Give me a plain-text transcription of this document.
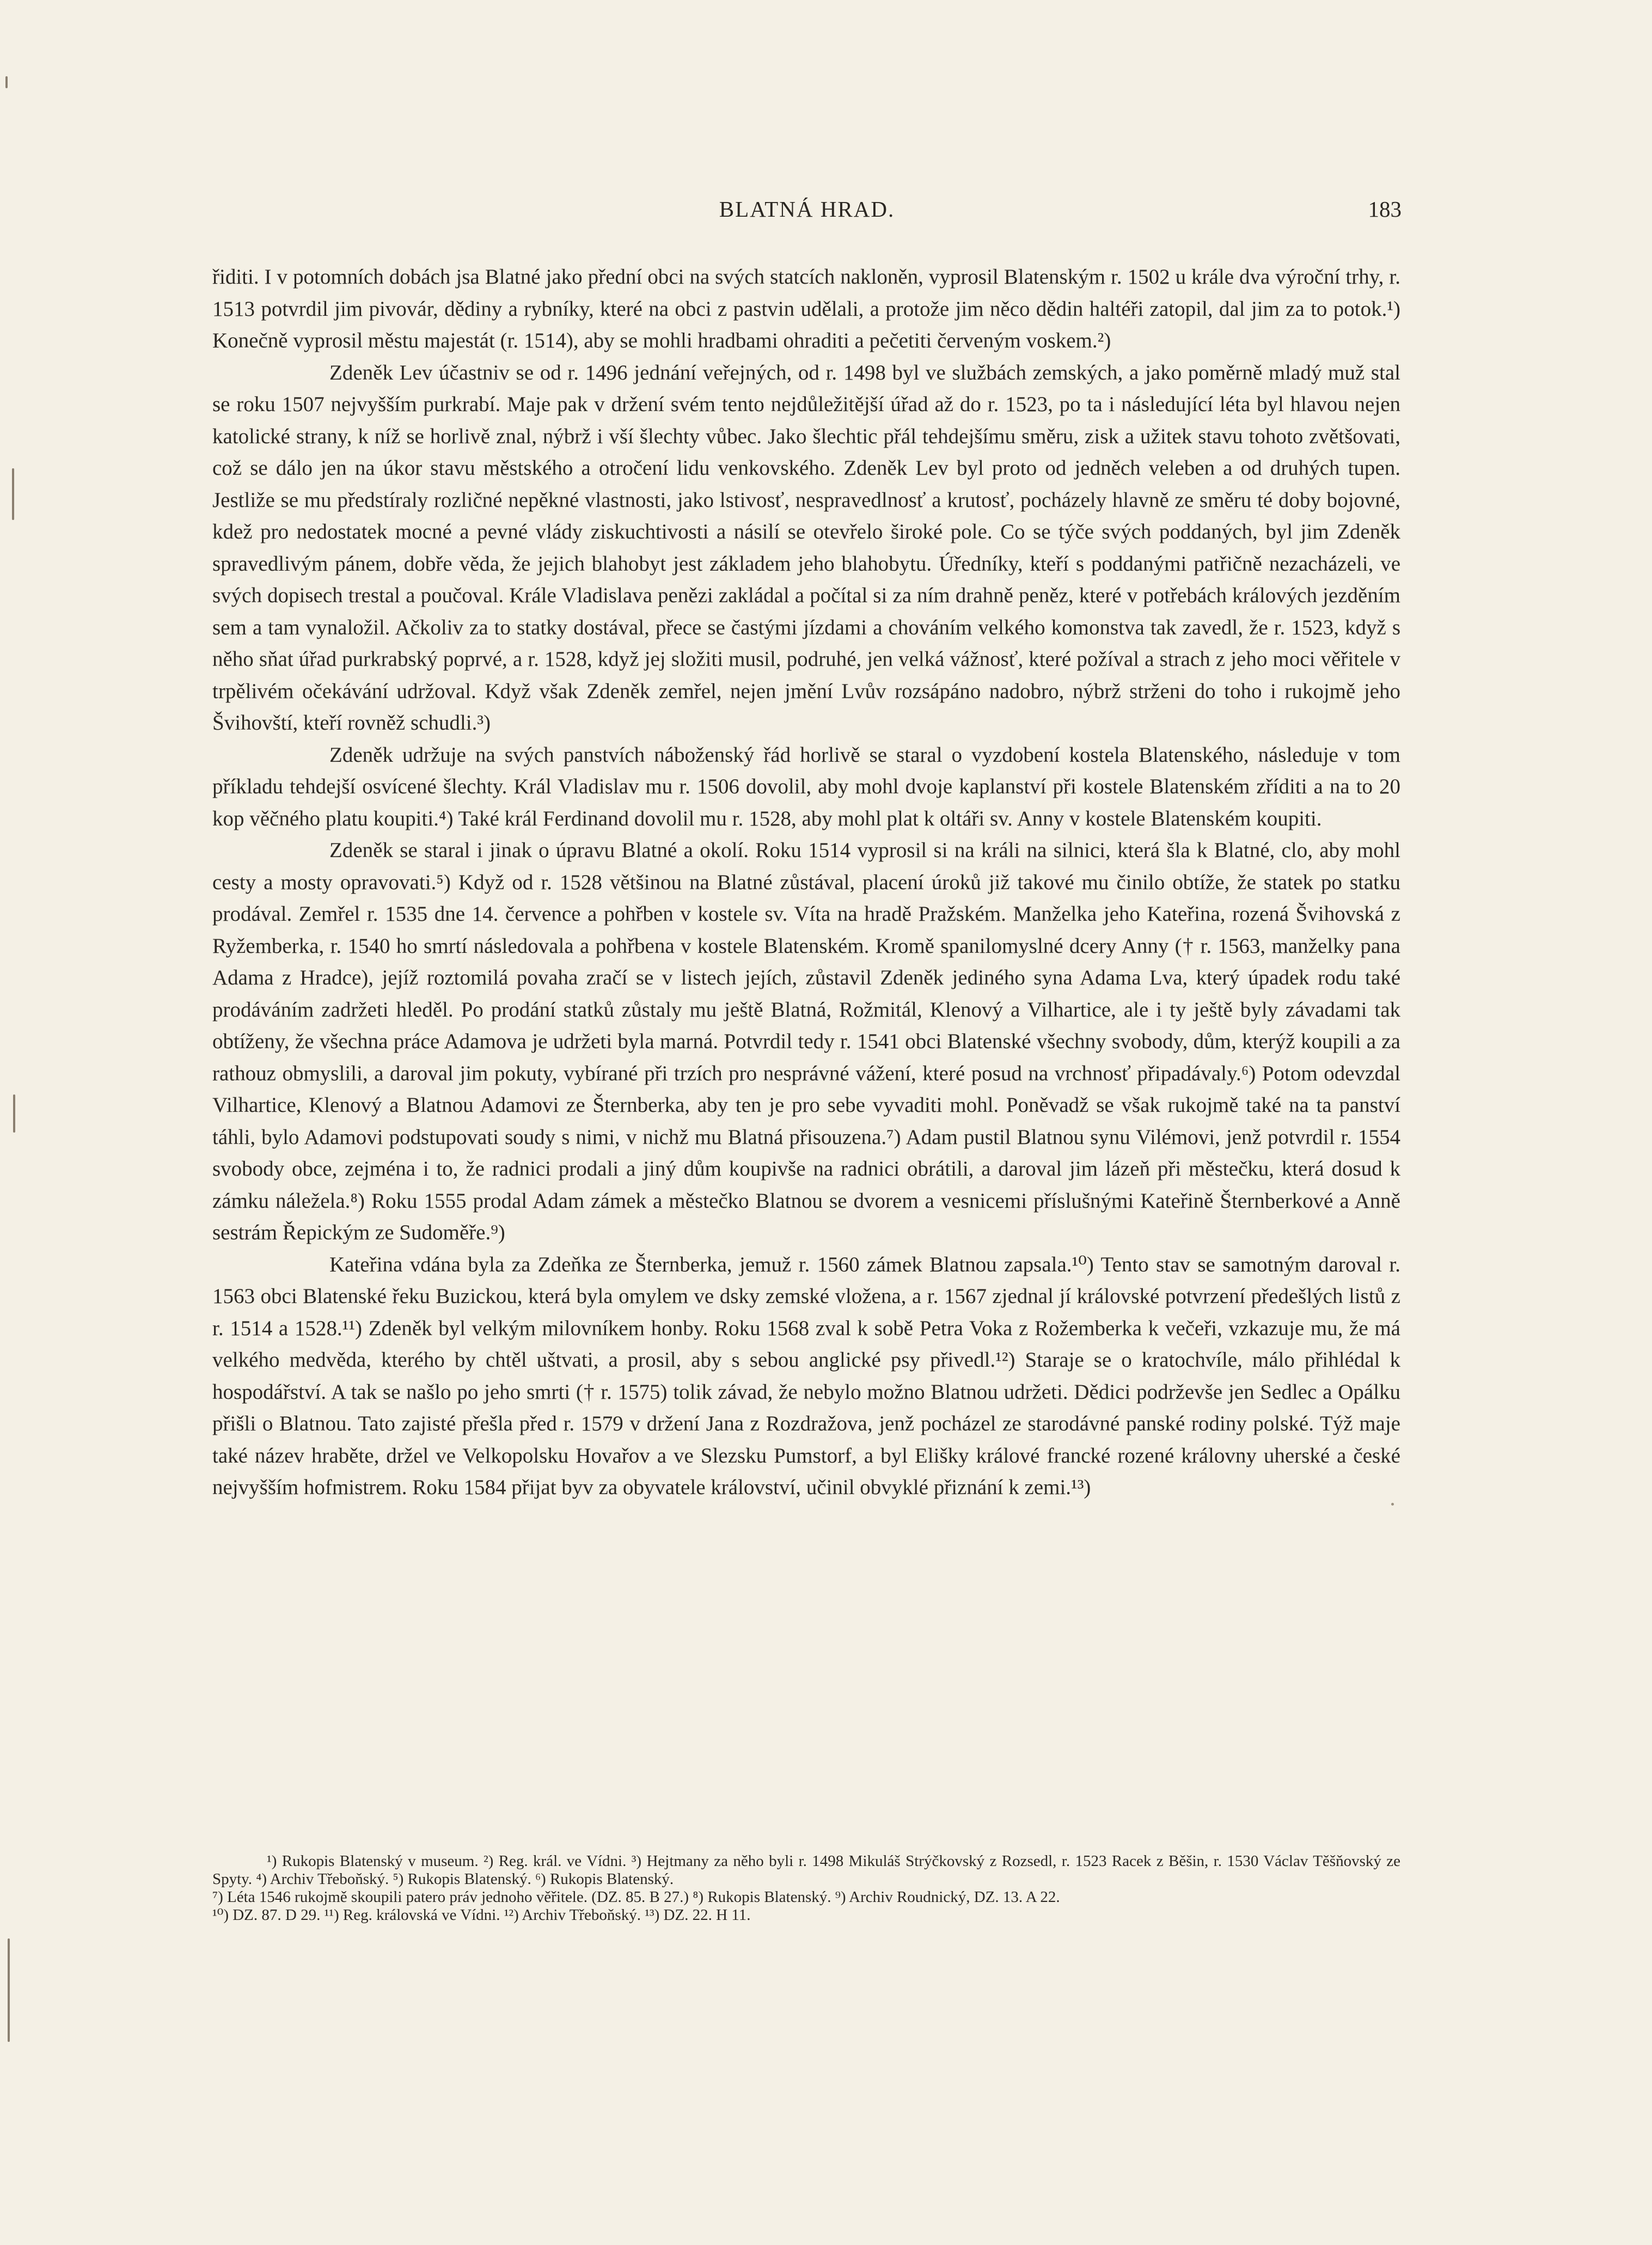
BLATNÁ HRAD.	183

řiditi. I v potomních dobách jsa Blatné jako přední obci na svých statcích nakloněn, vyprosil Blatenským r. 1502 u krále dva výroční trhy, r. 1513 potvrdil jim pivovár, dědiny a rybníky, které na obci z pastvin udělali, a protože jim něco dědin haltéři zatopil, dal jim za to potok.¹) Konečně vyprosil městu majestát (r. 1514), aby se mohli hradbami ohraditi a pečetiti červeným voskem.²)

Zdeněk Lev účastniv se od r. 1496 jednání veřejných, od r. 1498 byl ve službách zemských, a jako poměrně mladý muž stal se roku 1507 nejvyšším purkrabí. Maje pak v držení svém tento nejdůležitější úřad až do r. 1523, po ta i následující léta byl hlavou nejen katolické strany, k níž se horlivě znal, nýbrž i vší šlechty vůbec. Jako šlechtic přál tehdejšímu směru, zisk a užitek stavu tohoto zvětšovati, což se dálo jen na úkor stavu městského a otročení lidu venkovského. Zdeněk Lev byl proto od jedněch veleben a od druhých tupen. Jestliže se mu předstíraly rozličné nepěkné vlastnosti, jako lstivosť, nespravedlnosť a krutosť, pocházely hlavně ze směru té doby bojovné, kdež pro nedostatek mocné a pevné vlády ziskuchtivosti a násilí se otevřelo široké pole. Co se týče svých poddaných, byl jim Zdeněk spravedlivým pánem, dobře věda, že jejich blahobyt jest základem jeho blahobytu. Úředníky, kteří s poddanými patřičně nezacházeli, ve svých dopisech trestal a poučoval. Krále Vladislava penězi zakládal a počítal si za ním drahně peněz, které v potřebách králových jezděním sem a tam vynaložil. Ačkoliv za to statky dostával, přece se častými jízdami a chováním velkého komonstva tak zavedl, že r. 1523, když s něho sňat úřad purkrabský poprvé, a r. 1528, když jej složiti musil, podruhé, jen velká vážnosť, které požíval a strach z jeho moci věřitele v trpělivém očekávání udržoval. Když však Zdeněk zemřel, nejen jmění Lvův rozsápáno nadobro, nýbrž strženi do toho i rukojmě jeho Švihovští, kteří rovněž schudli.³)

Zdeněk udržuje na svých panstvích náboženský řád horlivě se staral o vyzdobení kostela Blatenského, následuje v tom příkladu tehdejší osvícené šlechty. Král Vladislav mu r. 1506 dovolil, aby mohl dvoje kaplanství při kostele Blatenském zříditi a na to 20 kop věčného platu koupiti.⁴) Také král Ferdinand dovolil mu r. 1528, aby mohl plat k oltáři sv. Anny v kostele Blatenském koupiti.

Zdeněk se staral i jinak o úpravu Blatné a okolí. Roku 1514 vyprosil si na králi na silnici, která šla k Blatné, clo, aby mohl cesty a mosty opravovati.⁵) Když od r. 1528 většinou na Blatné zůstával, placení úroků již takové mu činilo obtíže, že statek po statku prodával. Zemřel r. 1535 dne 14. července a pohřben v kostele sv. Víta na hradě Pražském. Manželka jeho Kateřina, rozená Švihovská z Ryžemberka, r. 1540 ho smrtí následovala a pohřbena v kostele Blatenském. Kromě spanilomyslné dcery Anny († r. 1563, manželky pana Adama z Hradce), jejíž roztomilá povaha zračí se v listech jejích, zůstavil Zdeněk jediného syna Adama Lva, který úpadek rodu také prodáváním zadržeti hleděl. Po prodání statků zůstaly mu ještě Blatná, Rožmitál, Klenový a Vilhartice, ale i ty ještě byly závadami tak obtíženy, že všechna práce Adamova je udržeti byla marná. Potvrdil tedy r. 1541 obci Blatenské všechny svobody, dům, kterýž koupili a za rathouz obmyslili, a daroval jim pokuty, vybírané při trzích pro nesprávné vážení, které posud na vrchnosť připadávaly.⁶) Potom odevzdal Vilhartice, Klenový a Blatnou Adamovi ze Šternberka, aby ten je pro sebe vyvaditi mohl. Poněvadž se však rukojmě také na ta panství táhli, bylo Adamovi podstupovati soudy s nimi, v nichž mu Blatná přisouzena.⁷) Adam pustil Blatnou synu Vilémovi, jenž potvrdil r. 1554 svobody obce, zejména i to, že radnici prodali a jiný dům koupivše na radnici obrátili, a daroval jim lázeň při městečku, která dosud k zámku náležela.⁸) Roku 1555 prodal Adam zámek a městečko Blatnou se dvorem a vesnicemi příslušnými Kateřině Šternberkové a Anně sestrám Řepickým ze Sudoměře.⁹)

Kateřina vdána byla za Zdeňka ze Šternberka, jemuž r. 1560 zámek Blatnou zapsala.¹⁰) Tento stav se samotným daroval r. 1563 obci Blatenské řeku Buzickou, která byla omylem ve dsky zemské vložena, a r. 1567 zjednal jí královské potvrzení předešlých listů z r. 1514 a 1528.¹¹) Zdeněk byl velkým milovníkem honby. Roku 1568 zval k sobě Petra Voka z Rožemberka k večeři, vzkazuje mu, že má velkého medvěda, kterého by chtěl uštvati, a prosil, aby s sebou anglické psy přivedl.¹²) Staraje se o kratochvíle, málo přihlédal k hospodářství. A tak se našlo po jeho smrti († r. 1575) tolik závad, že nebylo možno Blatnou udržeti. Dědici podrževše jen Sedlec a Opálku přišli o Blatnou. Tato zajisté přešla před r. 1579 v držení Jana z Rozdražova, jenž pocházel ze starodávné panské rodiny polské. Týž maje také název hraběte, držel ve Velkopolsku Hovařov a ve Slezsku Pumstorf, a byl Elišky králové francké rozené královny uherské a české nejvyšším hofmistrem. Roku 1584 přijat byv za obyvatele království, učinil obvyklé přiznání k zemi.¹³)

¹) Rukopis Blatenský v museum. ²) Reg. král. ve Vídni. ³) Hejtmany za něho byli r. 1498 Mikuláš Strýčkovský z Rozsedl, r. 1523 Racek z Běšin, r. 1530 Václav Těšňovský ze Spyty. ⁴) Archiv Třeboňský. ⁵) Rukopis Blatenský. ⁶) Rukopis Blatenský.

⁷) Léta 1546 rukojmě skoupili patero práv jednoho věřitele. (DZ. 85. B 27.) ⁸) Rukopis Blatenský. ⁹) Archiv Roudnický, DZ. 13. A 22.

¹⁰) DZ. 87. D 29. ¹¹) Reg. královská ve Vídni. ¹²) Archiv Třeboňský. ¹³) DZ. 22. H 11.
